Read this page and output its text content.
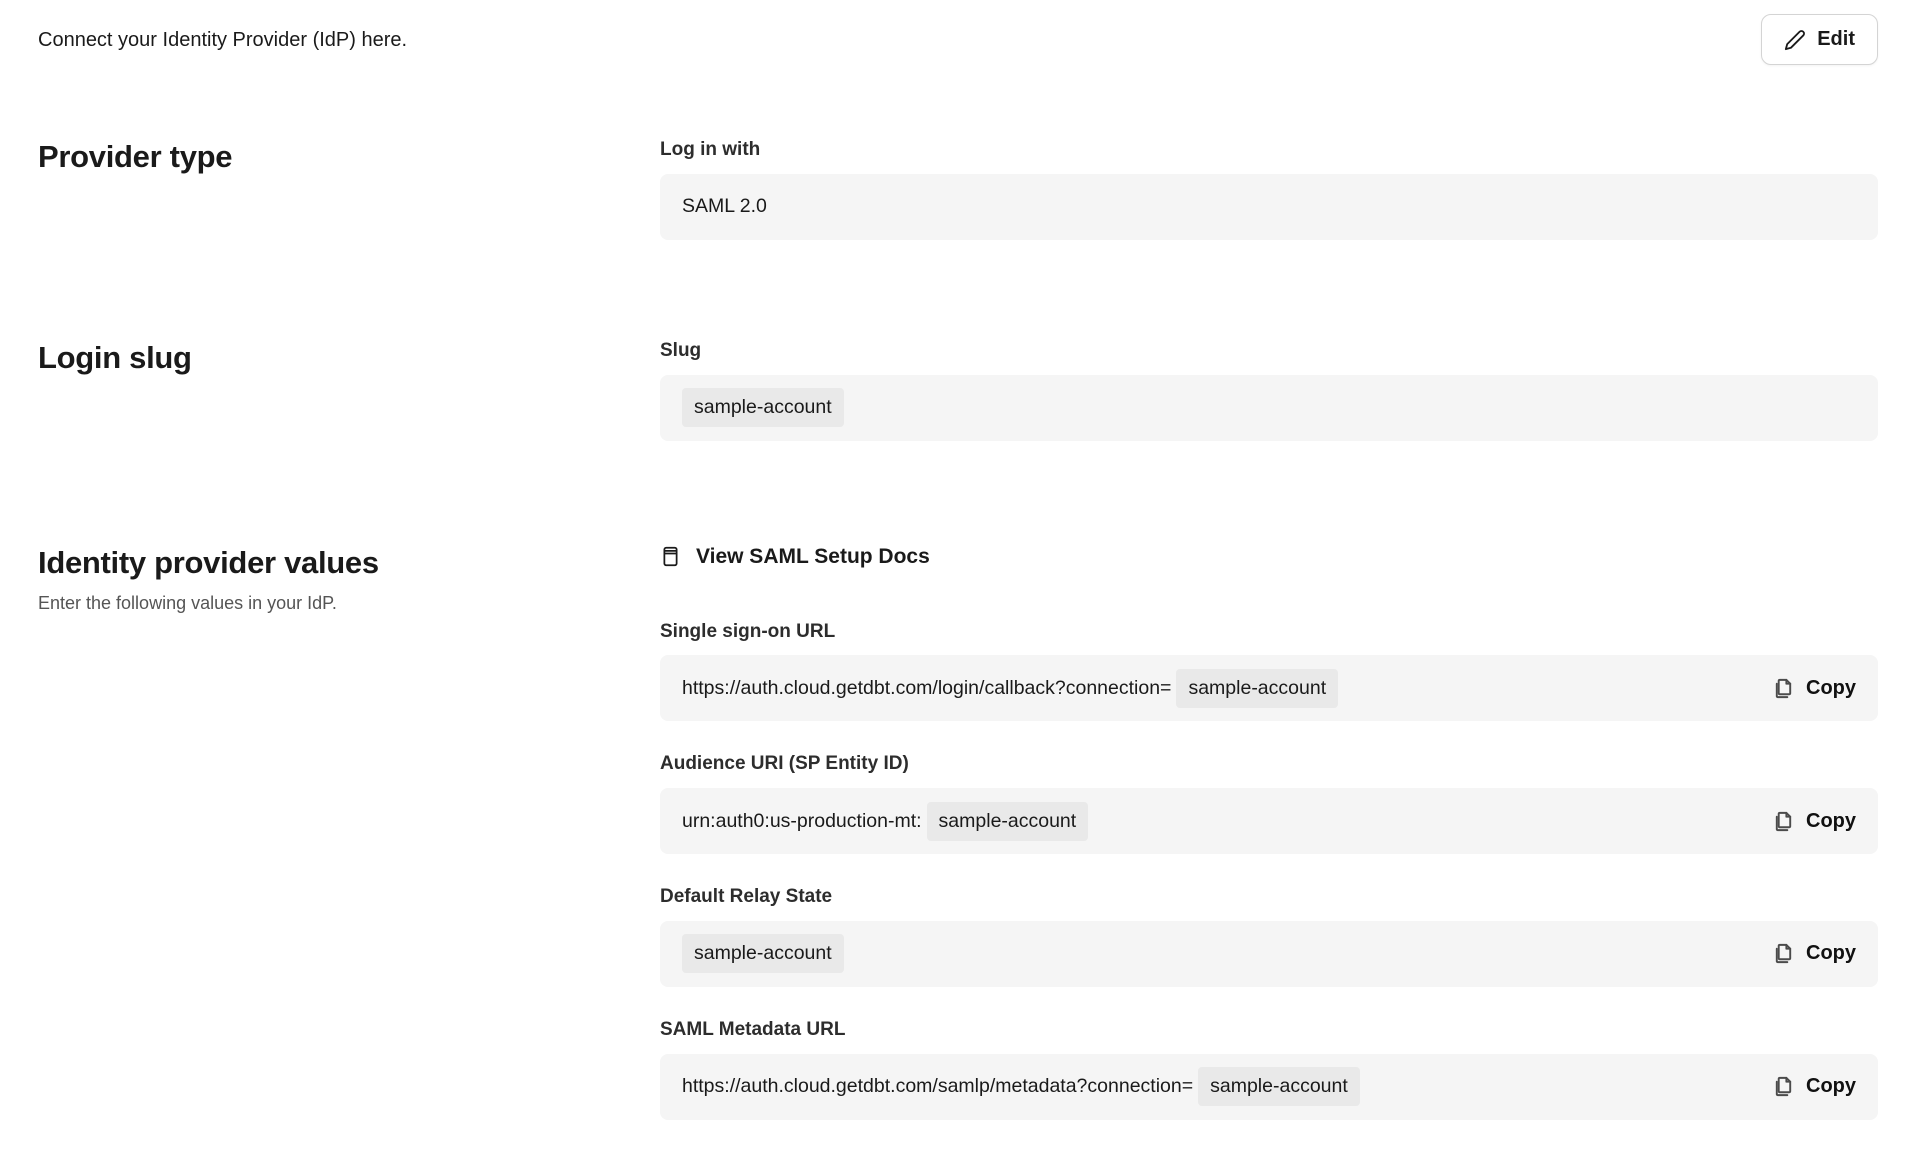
Connect your Identity Provider (IdP) here.	Edit
Provider type	Log in with
SAML 2.0
Login slug	Slug
sample-account
Identity provider values
Enter the following values in your IdP.
View SAML Setup Docs
Single sign-on URL
https://auth.cloud.getdbt.com/login/callback?connection= sample-account	Copy
Audience URI (SP Entity ID)
urn:auth0:us-production-mt: sample-account	Copy
Default Relay State
sample-account	Copy
SAML Metadata URL
https://auth.cloud.getdbt.com/samlp/metadata?connection= sample-account	Copy
